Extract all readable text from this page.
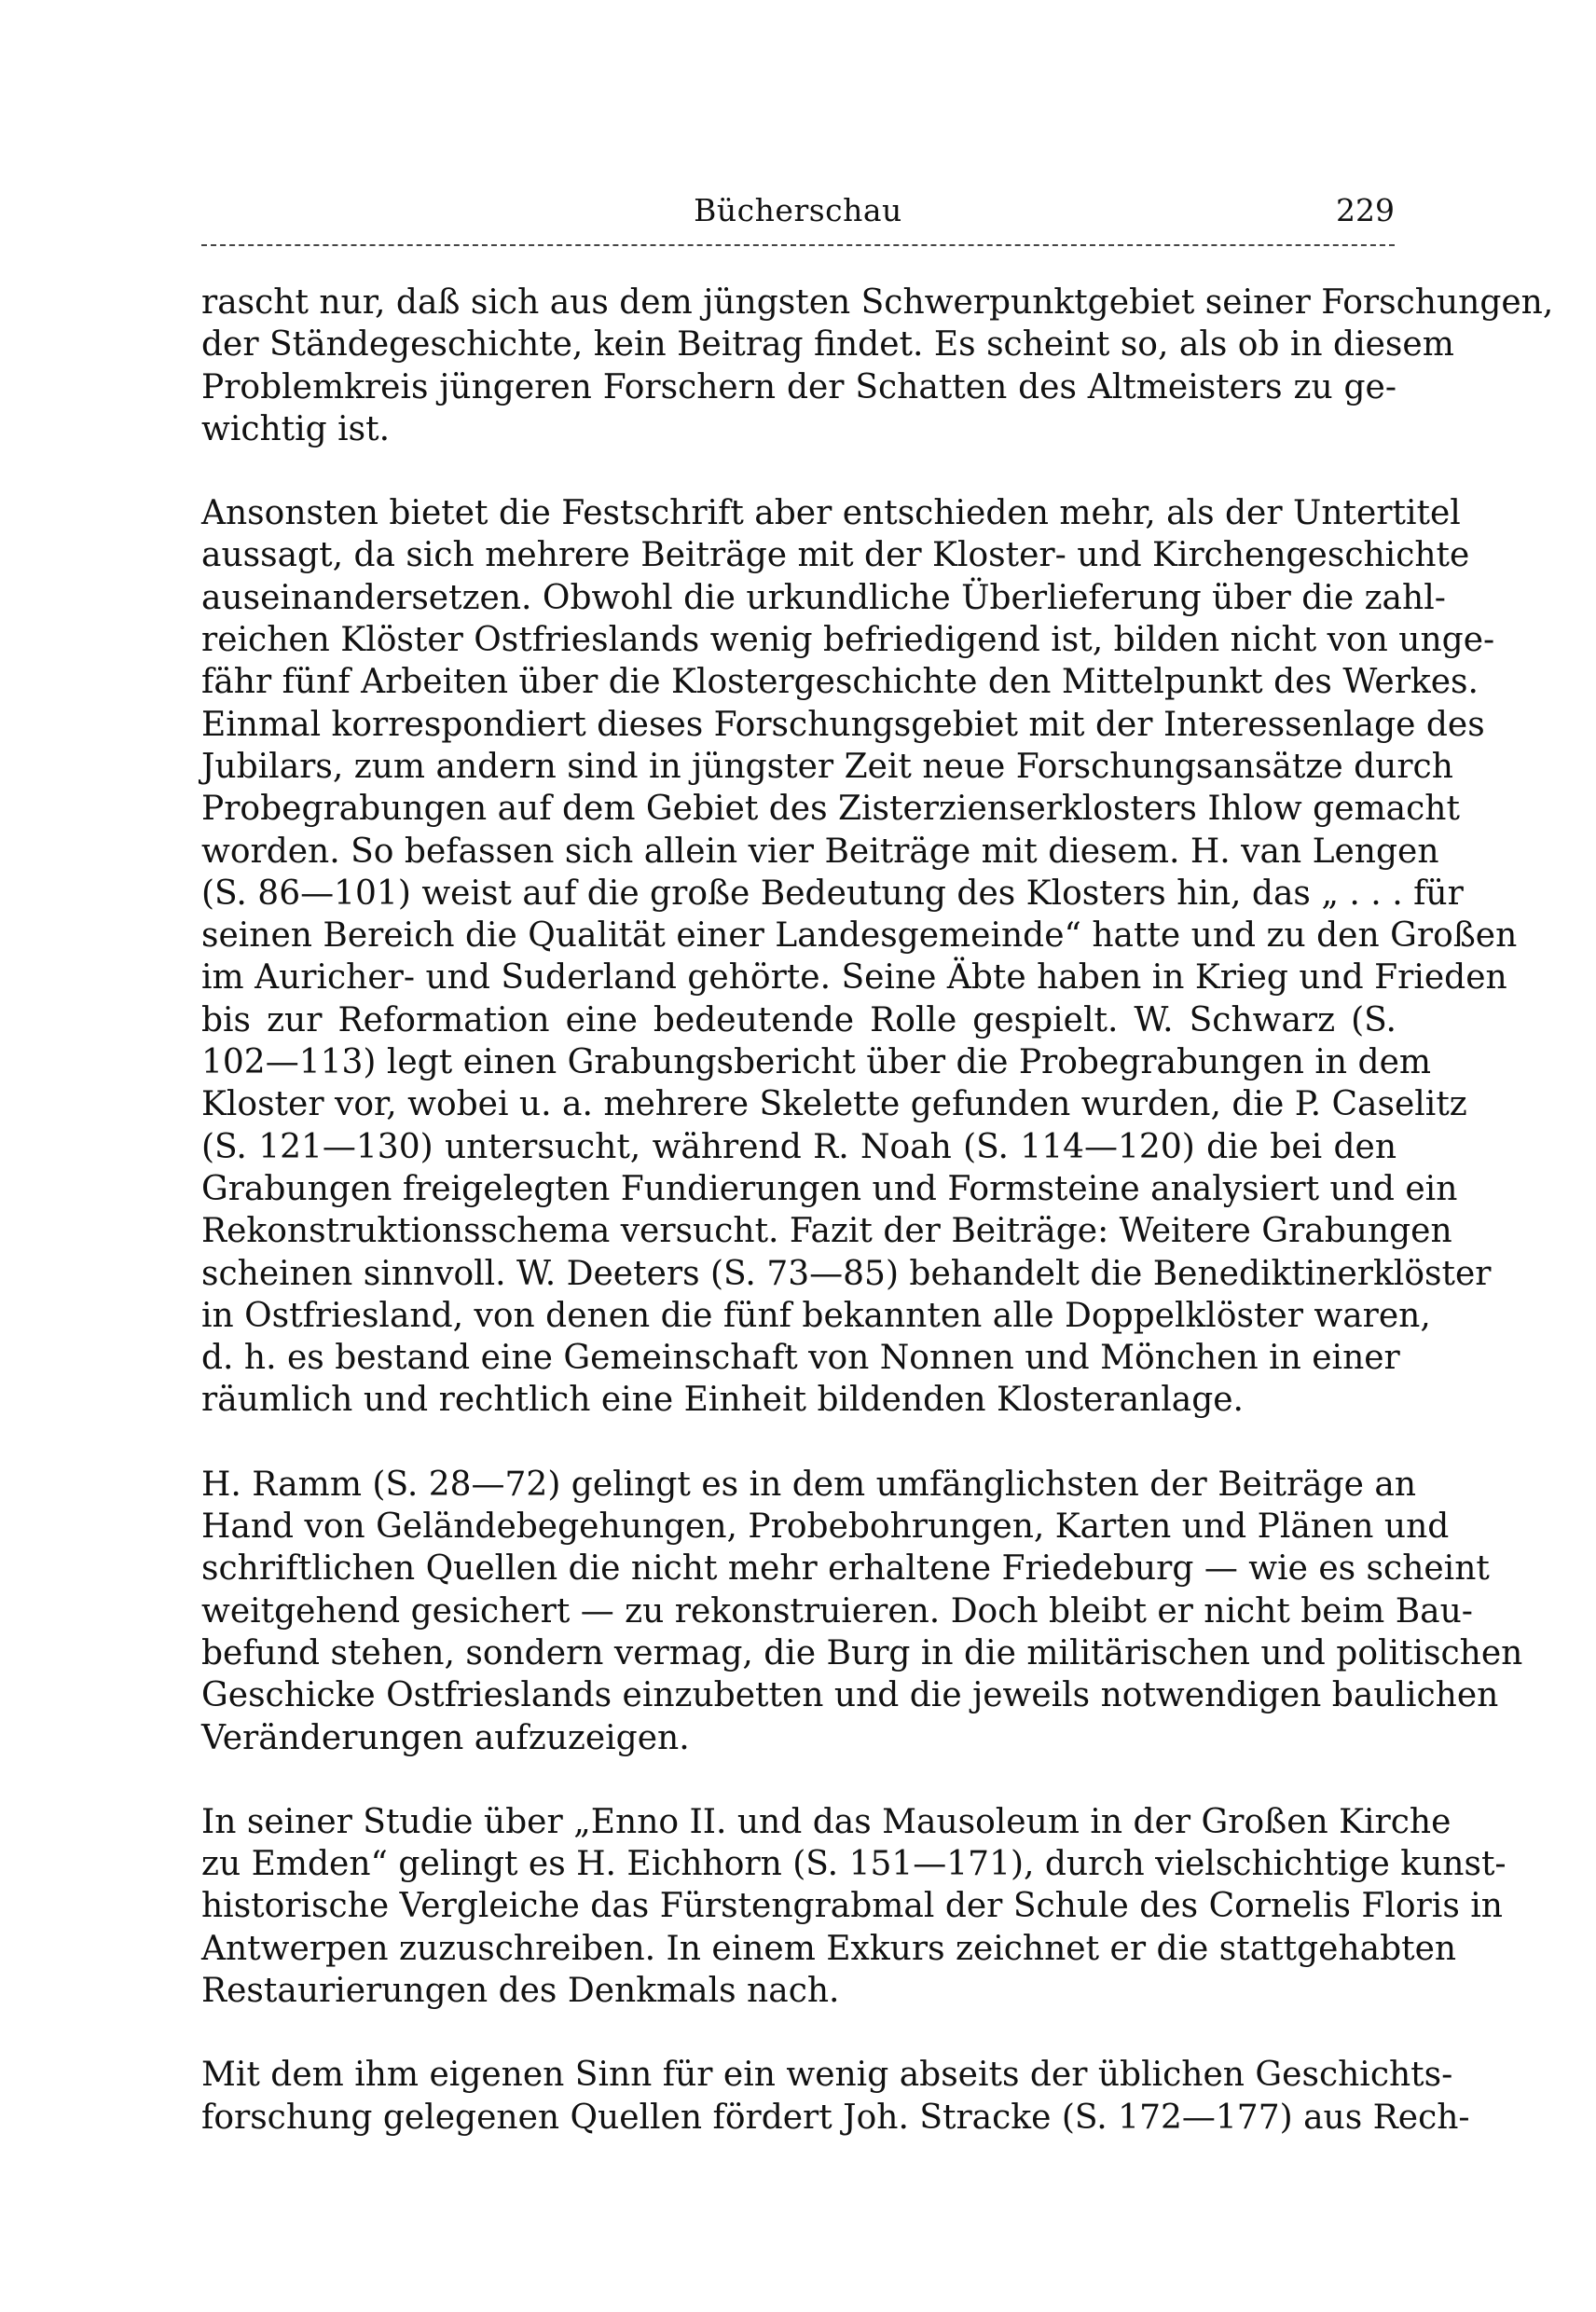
Bücherschau	229
rascht nur, daß sich aus dem jüngsten Schwerpunktgebiet seiner Forschungen,
der Ständegeschichte, kein Beitrag findet. Es scheint so, als ob in diesem
Problemkreis jüngeren Forschern der Schatten des Altmeisters zu ge-
wichtig ist.
Ansonsten bietet die Festschrift aber entschieden mehr, als der Untertitel
aussagt, da sich mehrere Beiträge mit der Kloster- und Kirchengeschichte
auseinandersetzen. Obwohl die urkundliche Überlieferung über die zahl-
reichen Klöster Ostfrieslands wenig befriedigend ist, bilden nicht von unge-
fähr fünf Arbeiten über die Klostergeschichte den Mittelpunkt des Werkes.
Einmal korrespondiert dieses Forschungsgebiet mit der Interessenlage des
Jubilars, zum andern sind in jüngster Zeit neue Forschungsansätze durch
Probegrabungen auf dem Gebiet des Zisterzienserklosters Ihlow gemacht
worden. So befassen sich allein vier Beiträge mit diesem. H. van Lengen
(S. 86—101) weist auf die große Bedeutung des Klosters hin, das „ . . . für
seinen Bereich die Qualität einer Landesgemeinde“ hatte und zu den Großen
im Auricher- und Suderland gehörte. Seine Äbte haben in Krieg und Frieden
bis zur Reformation eine bedeutende Rolle gespielt. W. Schwarz (S.
102—113) legt einen Grabungsbericht über die Probegrabungen in dem
Kloster vor, wobei u. a. mehrere Skelette gefunden wurden, die P. Caselitz
(S. 121—130) untersucht, während R. Noah (S. 114—120) die bei den
Grabungen freigelegten Fundierungen und Formsteine analysiert und ein
Rekonstruktionsschema versucht. Fazit der Beiträge: Weitere Grabungen
scheinen sinnvoll. W. Deeters (S. 73—85) behandelt die Benediktinerklöster
in Ostfriesland, von denen die fünf bekannten alle Doppelklöster waren,
d. h. es bestand eine Gemeinschaft von Nonnen und Mönchen in einer
räumlich und rechtlich eine Einheit bildenden Klosteranlage.
H. Ramm (S. 28—72) gelingt es in dem umfänglichsten der Beiträge an
Hand von Geländebegehungen, Probebohrungen, Karten und Plänen und
schriftlichen Quellen die nicht mehr erhaltene Friedeburg — wie es scheint
weitgehend gesichert — zu rekonstruieren. Doch bleibt er nicht beim Bau-
befund stehen, sondern vermag, die Burg in die militärischen und politischen
Geschicke Ostfrieslands einzubetten und die jeweils notwendigen baulichen
Veränderungen aufzuzeigen.
In seiner Studie über „Enno II. und das Mausoleum in der Großen Kirche
zu Emden“ gelingt es H. Eichhorn (S. 151—171), durch vielschichtige kunst-
historische Vergleiche das Fürstengrabmal der Schule des Cornelis Floris in
Antwerpen zuzuschreiben. In einem Exkurs zeichnet er die stattgehabten
Restaurierungen des Denkmals nach.
Mit dem ihm eigenen Sinn für ein wenig abseits der üblichen Geschichts-
forschung gelegenen Quellen fördert Joh. Stracke (S. 172—177) aus Rech-
